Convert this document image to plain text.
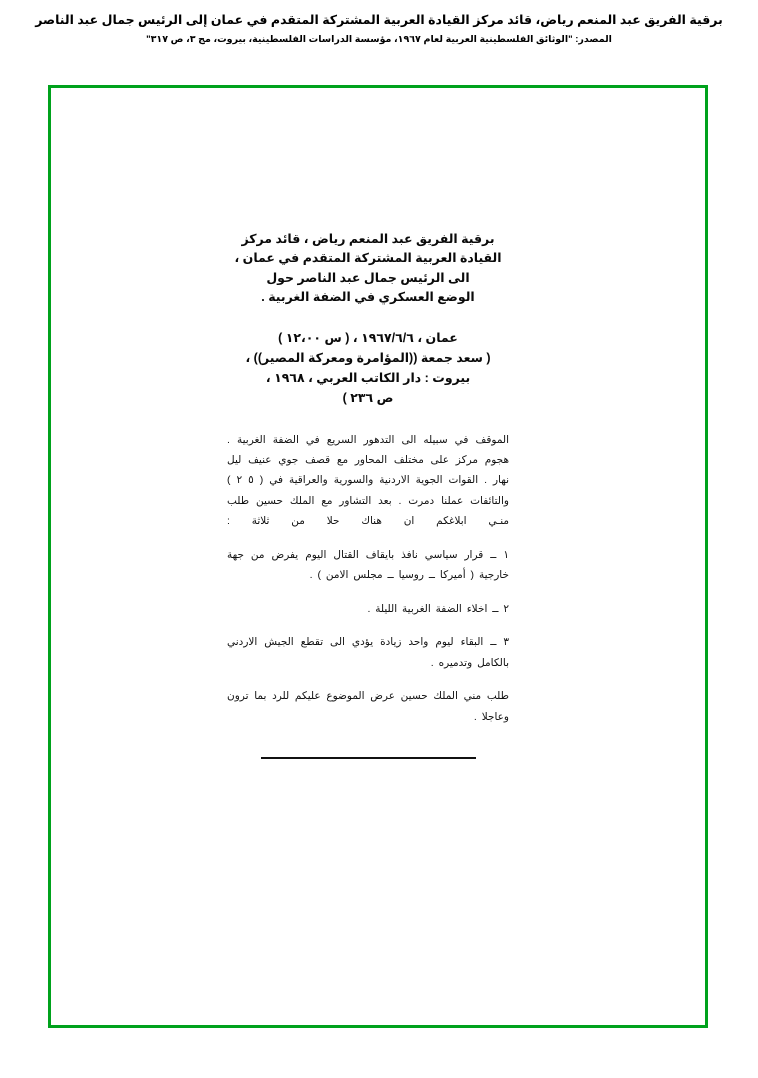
برقية الفريق عبد المنعم رياض، قائد مركز القيادة العربية المشتركة المتقدم في عمان إلى الرئيس جمال عبد الناصر
المصدر: "الوثائق الفلسطينية العربية لعام ١٩٦٧، مؤسسة الدراسات الفلسطينية، بيروت، مج ٣، ص ٣١٧"
برقية الفريق عبد المنعم رياض ، قائد مركز
القيادة العربية المشتركة المتقدم في عمان ،
الى الرئيس جمال عبد الناصر حول
الوضع العسكري في الضفة الغربية .
عمان ، ١٩٦٧/٦/٦ ، ( س ١٢،٠٠ )
( سعد جمعة ((المؤامرة ومعركة المصير)) ،
بيروت : دار الكاتب العربي ، ١٩٦٨ ،
ص ٢٣٦ )

الموقف في سبيله الى التدهور السريع في الضفة الغربية . هجوم مركز على مختلف المحاور مع قصف جوي عنيف ليل نهار . القوات الجوية الاردنية والسورية والعراقية في ( ٥ ٢ ) والتائفات عملنا دمرت . بعد التشاور مع الملك حسين طلب منـي ابلاغكم ان هناك حلا من ثلاثة :

١ ــ قرار سياسي نافذ بايقاف القتال اليوم يفرض من جهة خارجية ( أميركا ــ روسيا ــ مجلس الامن ) .

٢ ــ اخلاء الضفة الغربية الليلة .

٣ ــ البقاء ليوم واحد زيادة يؤدي الى تقطع الجيش الاردني بالكامل وتدميره .

طلب مني الملك حسين عرض الموضوع عليكم للرد بما ترون وعاجلا .
